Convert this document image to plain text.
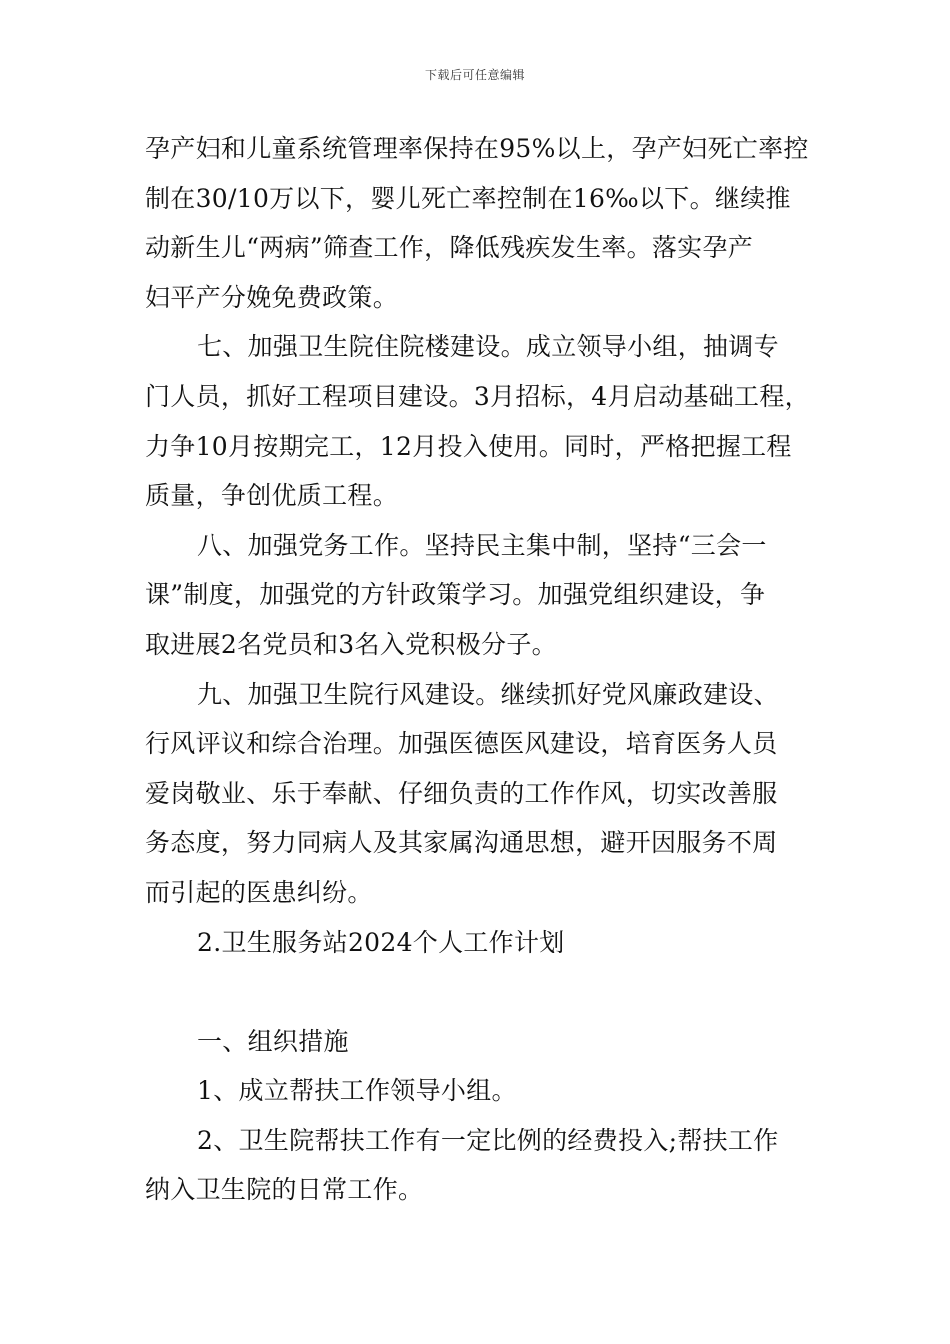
下载后可任意编辑
孕产妇和儿童系统管理率保持在95%以上，孕产妇死亡率控
制在30/10万以下，婴儿死亡率控制在16‰以下。继续推
动新生儿“两病”筛查工作，降低残疾发生率。落实孕产
妇平产分娩免费政策。
七、加强卫生院住院楼建设。成立领导小组，抽调专
门人员，抓好工程项目建设。3月招标，4月启动基础工程，
力争10月按期完工，12月投入使用。同时，严格把握工程
质量，争创优质工程。
八、加强党务工作。坚持民主集中制，坚持“三会一
课”制度，加强党的方针政策学习。加强党组织建设，争
取进展2名党员和3名入党积极分子。
九、加强卫生院行风建设。继续抓好党风廉政建设、
行风评议和综合治理。加强医德医风建设，培育医务人员
爱岗敬业、乐于奉献、仔细负责的工作作风，切实改善服
务态度，努力同病人及其家属沟通思想，避开因服务不周
而引起的医患纠纷。
2.卫生服务站2024个人工作计划
一、组织措施
1、成立帮扶工作领导小组。
2、卫生院帮扶工作有一定比例的经费投入;帮扶工作
纳入卫生院的日常工作。
